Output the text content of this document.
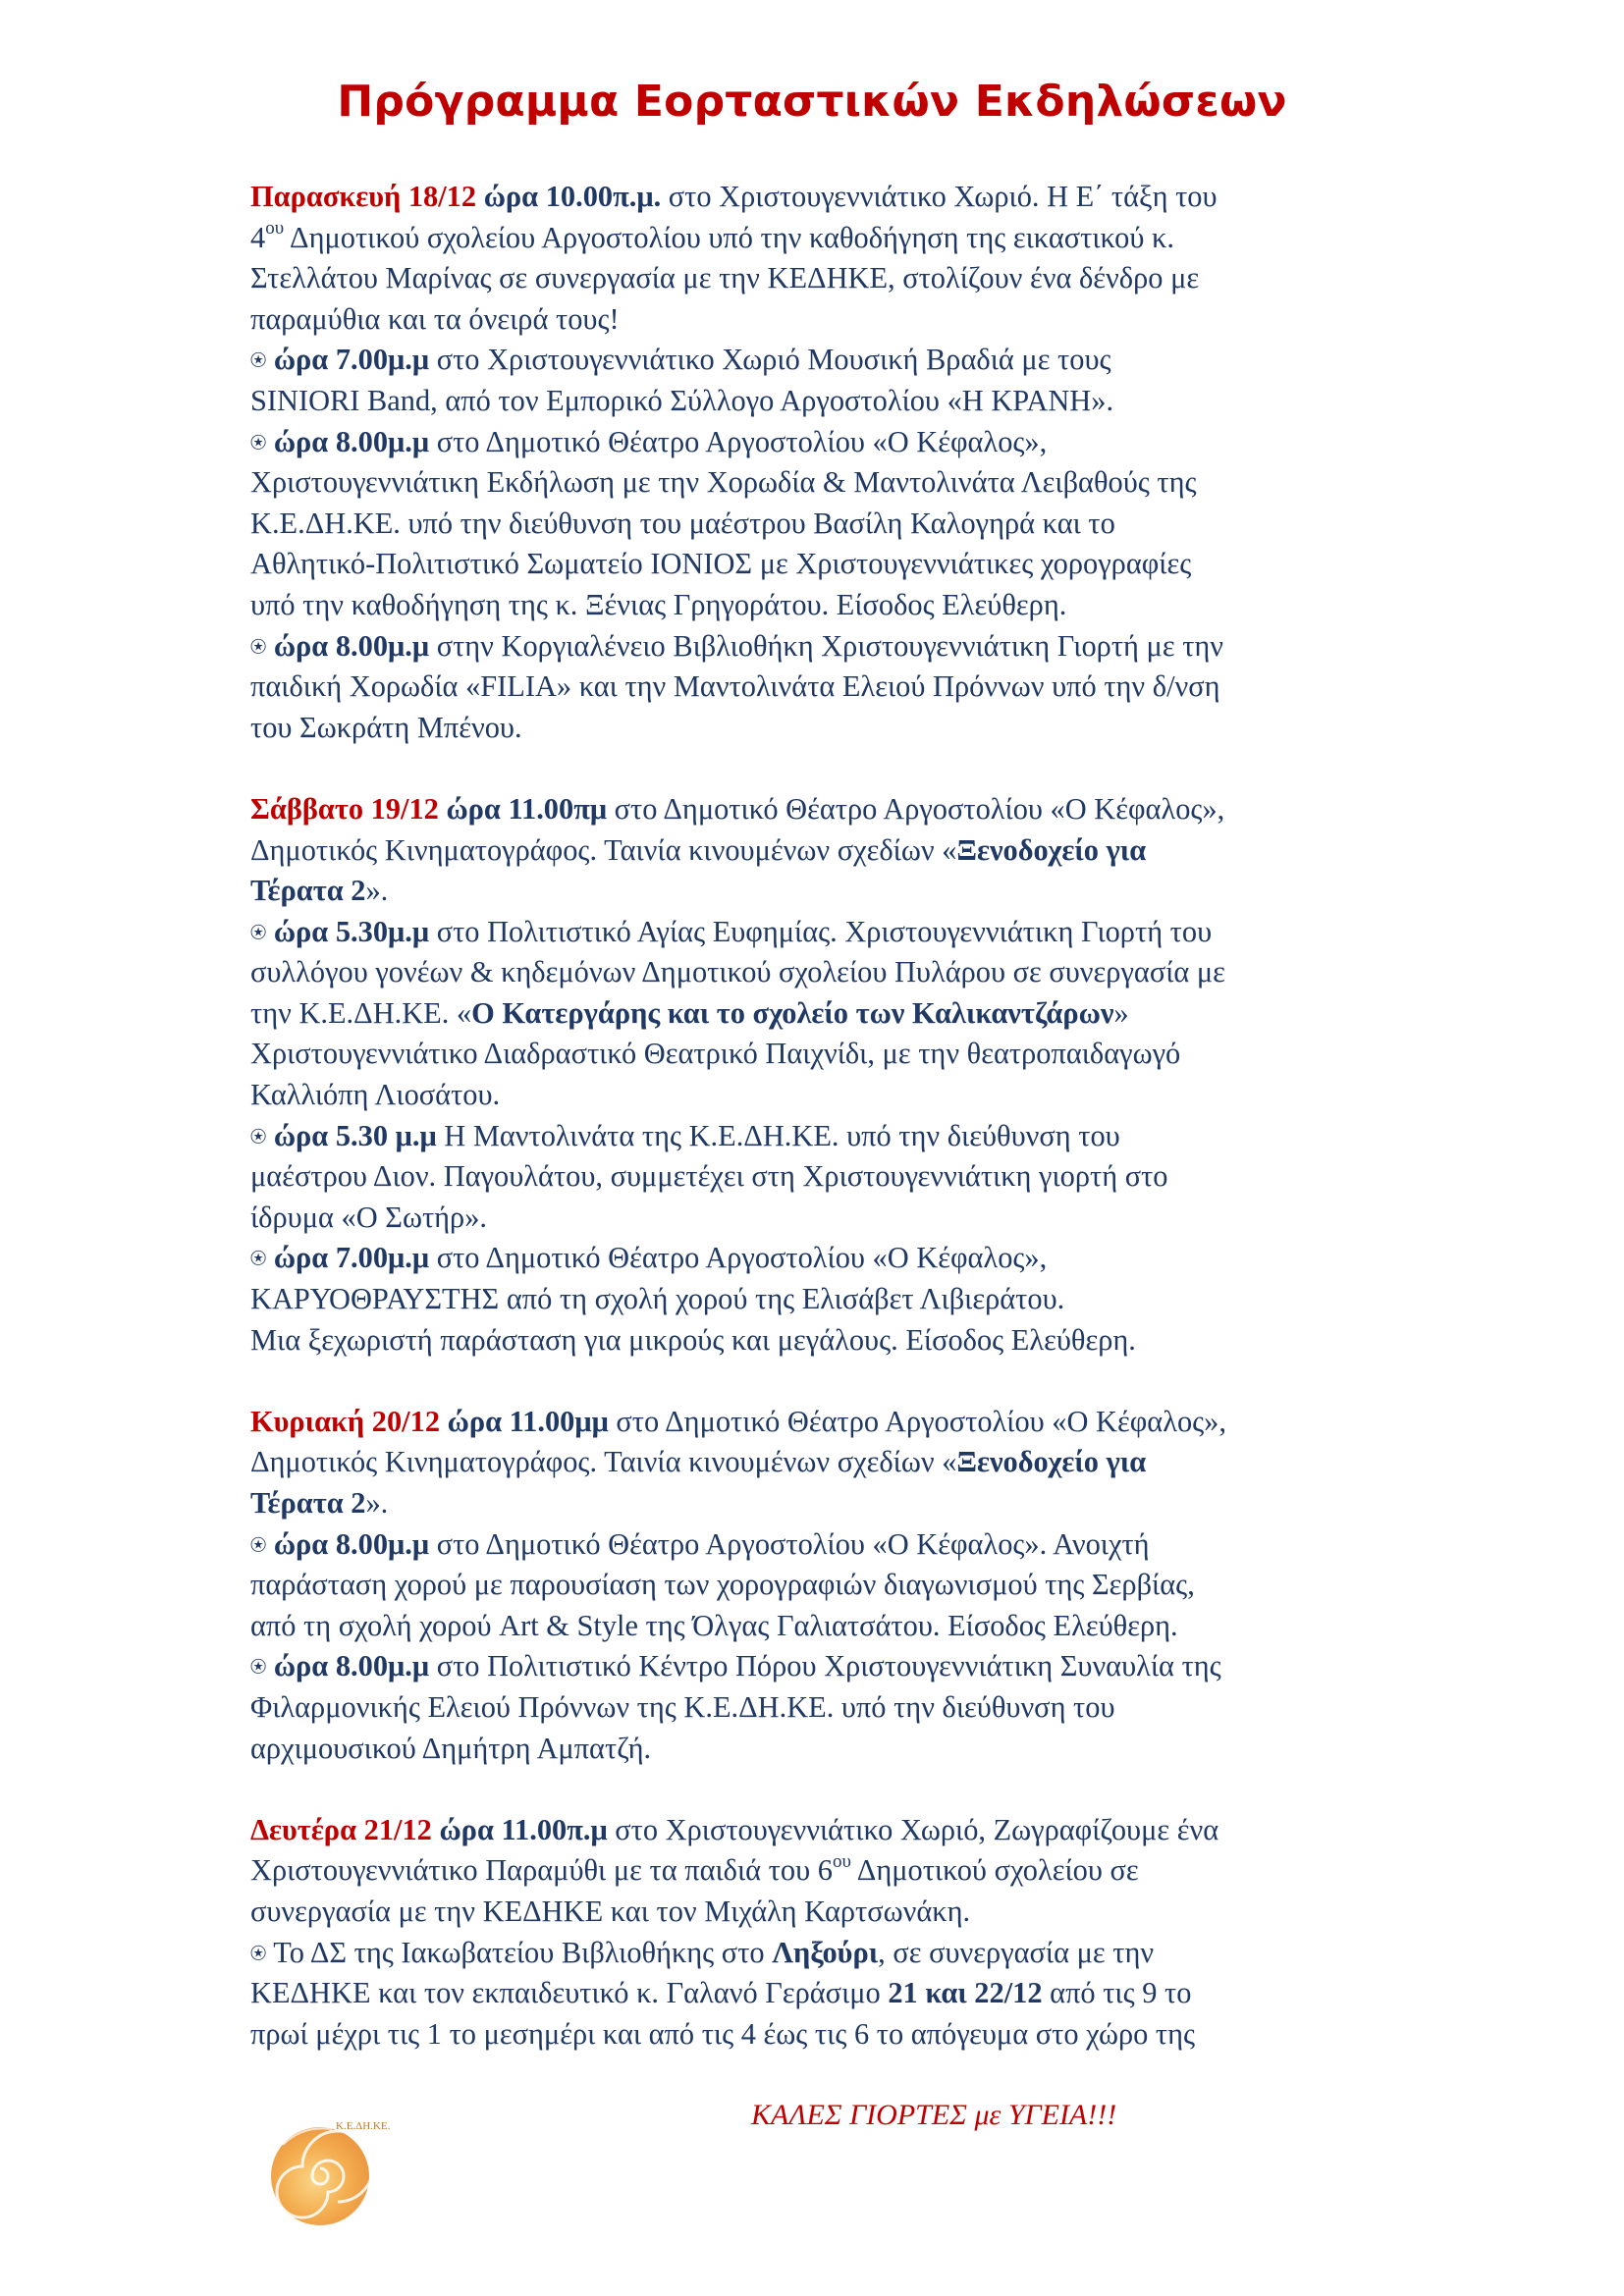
Πρόγραμμα Εορταστικών Εκδηλώσεων
Παρασκευή 18/12 ώρα 10.00π.μ. στο Χριστουγεννιάτικο Χωριό. Η Ε΄ τάξη του
$4^{o\upsilon}$ Δημοτικού σχολείου Αργοστολίου υπό την καθοδήγηση της εικαστικού κ.
Στελλάτου Μαρίνας σε συνεργασία με την ΚΕΔΗΚΕ, στολίζουν ένα δένδρο με
παραμύθια και τα όνειρά τους!
⍟ ώρα 7.00μ.μ στο Χριστουγεννιάτικο Χωριό Μουσική Βραδιά με τους
SINIORI Band, από τον Εμπορικό Σύλλογο Αργοστολίου «Η ΚΡΑΝΗ».
⍟ ώρα 8.00μ.μ στο Δημοτικό Θέατρο Αργοστολίου «Ο Κέφαλος»,
Χριστουγεννιάτικη Εκδήλωση με την Χορωδία & Μαντολινάτα Λειβαθούς της
Κ.Ε.ΔΗ.ΚΕ. υπό την διεύθυνση του μαέστρου Βασίλη Καλογηρά και το
Αθλητικό-Πολιτιστικό Σωματείο ΙΟΝΙΟΣ με Χριστουγεννιάτικες χορογραφίες
υπό την καθοδήγηση της κ. Ξένιας Γρηγοράτου. Είσοδος Ελεύθερη.
⍟ ώρα 8.00μ.μ στην Κοργιαλένειο Βιβλιοθήκη Χριστουγεννιάτικη Γιορτή με την
παιδική Χορωδία «FILIA» και την Μαντολινάτα Ελειού Πρόννων υπό την δ/νση
του Σωκράτη Μπένου.
Σάββατο 19/12 ώρα 11.00πμ στο Δημοτικό Θέατρο Αργοστολίου «Ο Κέφαλος»,
Δημοτικός Κινηματογράφος. Ταινία κινουμένων σχεδίων «Ξενοδοχείο για
Τέρατα 2».
⍟ ώρα 5.30μ.μ στο Πολιτιστικό Αγίας Ευφημίας. Χριστουγεννιάτικη Γιορτή του
συλλόγου γονέων & κηδεμόνων Δημοτικού σχολείου Πυλάρου σε συνεργασία με
την Κ.Ε.ΔΗ.ΚΕ. «Ο Κατεργάρης και το σχολείο των Καλικαντζάρων»
Χριστουγεννιάτικο Διαδραστικό Θεατρικό Παιχνίδι, με την θεατροπαιδαγωγό
Καλλιόπη Λιοσάτου.
⍟ ώρα 5.30 μ.μ Η Μαντολινάτα της Κ.Ε.ΔΗ.ΚΕ. υπό την διεύθυνση του
μαέστρου Διον. Παγουλάτου, συμμετέχει στη Χριστουγεννιάτικη γιορτή στο
ίδρυμα «Ο Σωτήρ».
⍟ ώρα 7.00μ.μ στο Δημοτικό Θέατρο Αργοστολίου «Ο Κέφαλος»,
ΚΑΡΥΟΘΡΑΥΣΤΗΣ από τη σχολή χορού της Ελισάβετ Λιβιεράτου.
Μια ξεχωριστή παράσταση για μικρούς και μεγάλους. Είσοδος Ελεύθερη.
Κυριακή 20/12 ώρα 11.00μμ στο Δημοτικό Θέατρο Αργοστολίου «Ο Κέφαλος»,
Δημοτικός Κινηματογράφος. Ταινία κινουμένων σχεδίων «Ξενοδοχείο για
Τέρατα 2».
⍟ ώρα 8.00μ.μ στο Δημοτικό Θέατρο Αργοστολίου «Ο Κέφαλος». Ανοιχτή
παράσταση χορού με παρουσίαση των χορογραφιών διαγωνισμού της Σερβίας,
από τη σχολή χορού Art & Style της Όλγας Γαλιατσάτου. Είσοδος Ελεύθερη.
⍟ ώρα 8.00μ.μ στο Πολιτιστικό Κέντρο Πόρου Χριστουγεννιάτικη Συναυλία της
Φιλαρμονικής Ελειού Πρόννων της Κ.Ε.ΔΗ.ΚΕ. υπό την διεύθυνση του
αρχιμουσικού Δημήτρη Αμπατζή.
Δευτέρα 21/12 ώρα 11.00π.μ στο Χριστουγεννιάτικο Χωριό, Ζωγραφίζουμε ένα
Χριστουγεννιάτικο Παραμύθι με τα παιδιά του $6^{o\upsilon}$ Δημοτικού σχολείου σε
συνεργασία με την ΚΕΔΗΚΕ και τον Μιχάλη Καρτσωνάκη.
⍟ Το ΔΣ της Ιακωβατείου Βιβλιοθήκης στο Ληξούρι, σε συνεργασία με την
ΚΕΔΗΚΕ και τον εκπαιδευτικό κ. Γαλανό Γεράσιμο 21 και 22/12 από τις 9 το
πρωί μέχρι τις 1 το μεσημέρι και από τις 4 έως τις 6 το απόγευμα στο χώρο της
Κ.Ε.ΔΗ.ΚΕ.	ΚΑΛΕΣ ΓΙΟΡΤΕΣ με ΥΓΕΙΑ!!!
